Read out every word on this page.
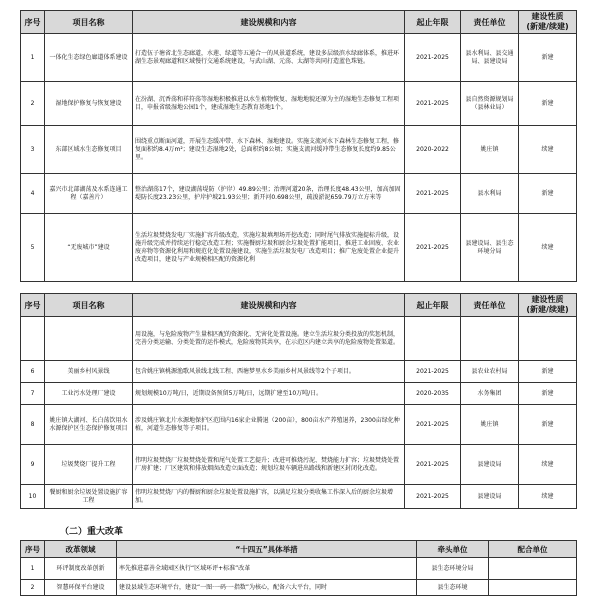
序号	项目名称	建设规模和内容	起止年限	责任单位	建设性质
(新建/续建)
1	一体化生态绿色廊道体系建设	打造伍子塘省北生态廊道，水莲、绿道等五通合一的风景道系统，建设多层级滨水绿廊体系，推进环湖生态景观廊道和区域慢行交通系统建设，与武山湖、元荡、太湖等共同打造蓝色珠链。	2021-2025	县水利局、县交通局、县建设局	新建
2	湿地保护修复与恢复建设	在汾湖、沉香荡和祥符荡等湿地积极推进以水生植物恢复、湿地地貌还原为主的湿地生态修复工程项目，申报省级湿地公园1个，建成湿地生态教育基地1个。	2021-2025	县自然资源规划局（县林业局）	新建
3	东部区域水生态修复项目	围绕重点断面河道，开展生态缓冲带、水下森林、湿地建设。实施支流河水下森林生态修复工程，修复面积约8.4万m²；建设生态湿地2处，总面积约8公顷；实施支流河缓冲带生态修复长度约9.85公里。	2020-2022	姚庄镇	续建
4	嘉兴市北部湖荡及水系连通工程（嘉善片）	整治湖荡17个，建设湖荡堤防（护岸）49.89公里；治理河道20条，治理长度48.43公里，加高加固堤防长度23.23公里，护岸护坡21.93公里；新开河0.698公里，疏浚淤泥659.79万立方米等	2021-2025	县水利局	新建
5	“无废城市”建设	生活垃圾焚烧发电厂实施扩容升级改造，实施垃圾填埋场开挖改造；同时尾气排放实施提标升级，设施升级完成并持续运行稳定改造工程；实施餐厨垃圾和厨余垃圾处置扩能项目，推进工业固废、农业废弃物等资源化利用和规范化处置设施建设，实施生活垃圾发电厂改造项目；推广危废处置企业提升改造项目，建设与产业规模相匹配的资源化利	2021-2025	县建设局、县生态环境分局	续建
序号	项目名称	建设规模和内容	起止年限	责任单位	建设性质
(新建/续建)
		用设施，与危险废物产生量相匹配的资源化、无害化处置设施。建立生活垃圾分类投放的奖惩机制，完善分类运输、分类处置的运作模式，危险废物其共享，在示范区内建立共享的危险废物处置渠道。			
6	美丽乡村风景线	包含姚庄镇桃源渔歌风景线北线工程、西塘梦里水乡美丽乡村风景线等2个子项目。	2021-2025	县农业农村局	新建
7	工业污水处理厂建设	规划规模10万吨/日，近期设备预留5万吨/日，远期扩建至10万吨/日。	2020-2035	水务集团	新建
8	姚庄镇大湖河、长白荡饮用水水源保护区生态保护修复项目	涉及姚庄镇北片水源地保护区范围内16家企业腾退（200亩），800亩水产养殖退养，2300亩绿化种植，河道生态修复等子项目。	2021-2025	姚庄镇	新建
9	垃圾焚烧厂提升工程	伟明垃圾焚烧厂垃圾焚烧处置和尾气处置工艺提升；改进可推烧污泥、焚烧能力扩容；垃圾焚烧处置厂房扩建；厂区建筑和排放烟囱改造立面改造；规划垃圾车辆进出路线和新建区封闭化改造。	2021-2025	县建设局	续建
10	餐厨和厨余垃圾处置设施扩容工程	伟明垃圾焚烧厂内的餐厨和厨余垃圾处置设施扩容，以满足垃圾分类收集工作深入后的厨余垃圾增加。	2021-2025	县建设局	续建
（二）重大改革
序号	改革领域	“十四五”具体举措	牵头单位	配合单位
1	环评制度改革创新	率先推进嘉善全域园区执行“区域环评+标准”改革	县生态环境分局	
2	智慧环保平台建设	建设县域生态环境平台，建设“一图·一码·一指数”为核心，配备六大平台，同时	县生态环境	
